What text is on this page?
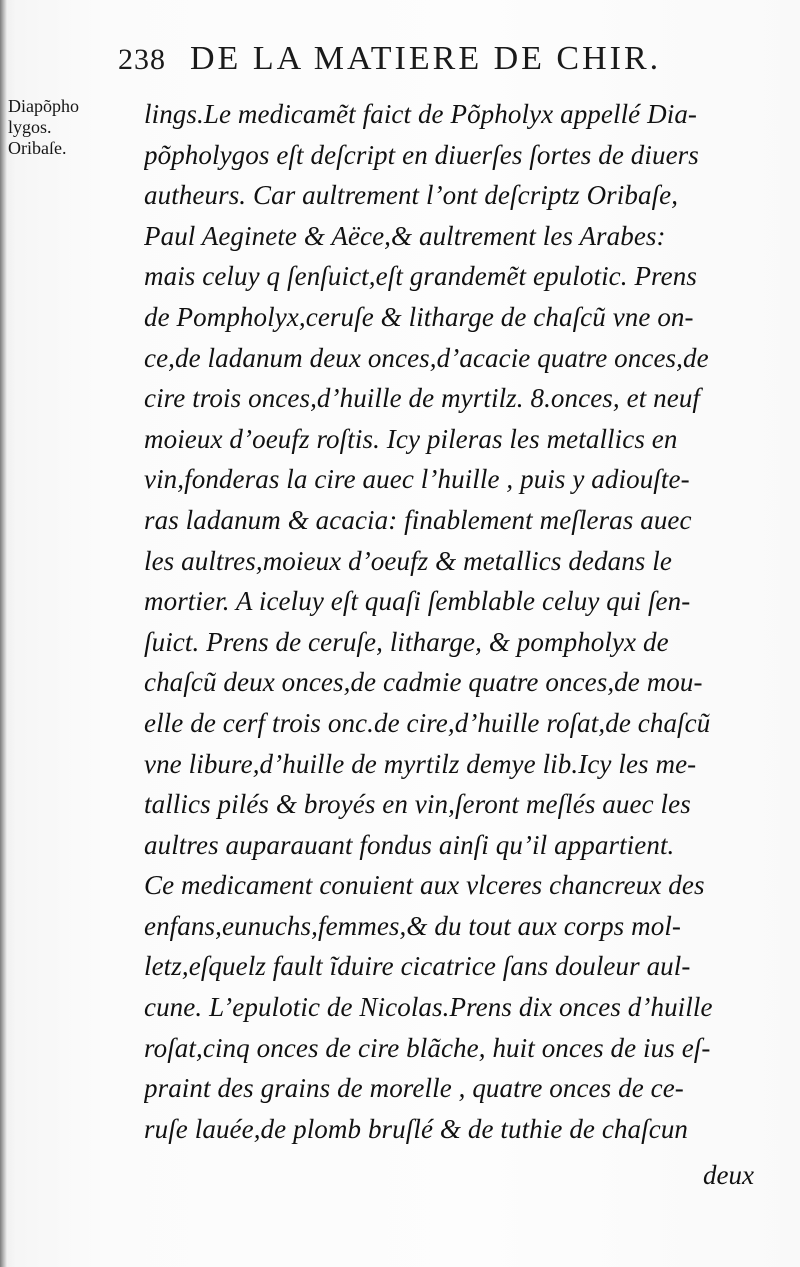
238 DE LA MATIERE DE CHIR.
Diapõpho
lygos.
Oribaſe.
lings.Le medicamẽt faict de Põpholyx appellé Dia-
põpholygos eſt deſcript en diuerſes ſortes de diuers
autheurs. Car aultrement l’ont deſcriptz Oribaſe,
Paul Aeginete & Aëce,& aultrement les Arabes:
mais celuy q ſenſuict,eſt grandemẽt epulotic. Prens
de Pompholyx,ceruſe & litharge de chaſcũ vne on-
ce,de ladanum deux onces,d’acacie quatre onces,de
cire trois onces,d’huille de myrtilz. 8.onces, et neuf
moieux d’oeufz roſtis. Icy pileras les metallics en
vin,fonderas la cire auec l’huille , puis y adiouſte-
ras ladanum & acacia: finablement meſleras auec
les aultres,moieux d’oeufz & metallics dedans le
mortier. A iceluy eſt quaſi ſemblable celuy qui ſen-
ſuict. Prens de ceruſe, litharge, & pompholyx de
chaſcũ deux onces,de cadmie quatre onces,de mou-
elle de cerf trois onc.de cire,d’huille roſat,de chaſcũ
vne libure,d’huille de myrtilz demye lib.Icy les me-
tallics pilés & broyés en vin,ſeront meſlés auec les
aultres auparauant fondus ainſi qu’il appartient.
Ce medicament conuient aux vlceres chancreux des
enfans,eunuchs,femmes,& du tout aux corps mol-
letz,eſquelz fault ĩduire cicatrice ſans douleur aul-
cune. L’epulotic de Nicolas.Prens dix onces d’huille
roſat,cinq onces de cire blãche, huit onces de ius eſ-
praint des grains de morelle , quatre onces de ce-
ruſe lauée,de plomb bruſlé & de tuthie de chaſcun
deux
